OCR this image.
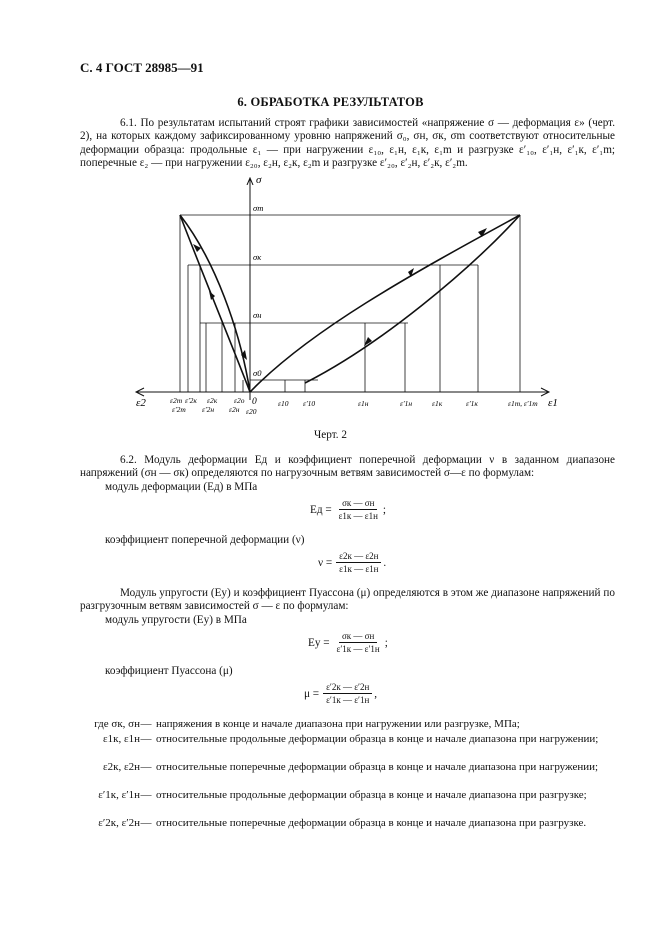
С. 4 ГОСТ 28985—91
6. ОБРАБОТКА РЕЗУЛЬТАТОВ
6.1. По результатам испытаний строят графики зависимостей «напряжение σ — деформация ε» (черт. 2), на которых каждому зафиксированному уровню напряжений σ₀, σн, σк, σm соответствуют относительные деформации образца: продольные ε₁ — при нагружении ε₁₀, ε₁н, ε₁к, ε₁m и разгрузке ε′₁₀, ε′₁н, ε′₁к, ε′₁m; поперечные ε₂ — при нагружении ε₂₀, ε₂н, ε₂к, ε₂m и разгрузке ε′₂₀, ε′₂н, ε′₂к, ε′₂m.
σ
ε2	ε1
0
σm
σк
σн
σ0
ε2m
ε′2m
ε′2к ε2к
ε′2н ε2н
ε2о
ε20
ε10 ε′10	ε1н	ε′1н	ε1к	ε′1к	ε1m, ε′1m
Черт. 2
6.2. Модуль деформации Eд и коэффициент поперечной деформации ν в заданном диапазоне напряжений (σн — σк) определяются по нагрузочным ветвям зависимостей σ—ε по формулам:
модуль деформации (Eд) в МПа
Eд = $\frac{\sigma к — \sigma н}{\varepsilon 1к — \varepsilon 1н}$ ;
коэффициент поперечной деформации (ν)
$\nu = \frac{\varepsilon 2к — \varepsilon 2н}{\varepsilon 1к — \varepsilon 1н}$ .
Модуль упругости (Eу) и коэффициент Пуассона (μ) определяются в этом же диапазоне напряжений по разгрузочным ветвям зависимостей σ — ε по формулам:
модуль упругости (Eу) в МПа
Eу = $\frac{\sigma к — \sigma н}{\varepsilon'1к — \varepsilon'1н}$ ;
коэффициент Пуассона (μ)
$\mu = \frac{\varepsilon'2к — \varepsilon'2н}{\varepsilon'1к — \varepsilon'1н}$ ,
где σк, σн — напряжения в конце и начале диапазона при нагружении или разгрузке, МПа;
ε1к, ε1н — относительные продольные деформации образца в конце и начале диапазона при нагружении;
ε2к, ε2н — относительные поперечные деформации образца в конце и начале диапазона при нагружении;
ε′1к, ε′1н — относительные продольные деформации образца в конце и начале диапазона при разгрузке;
ε′2к, ε′2н — относительные поперечные деформации образца в конце и начале диапазона при разгрузке.
